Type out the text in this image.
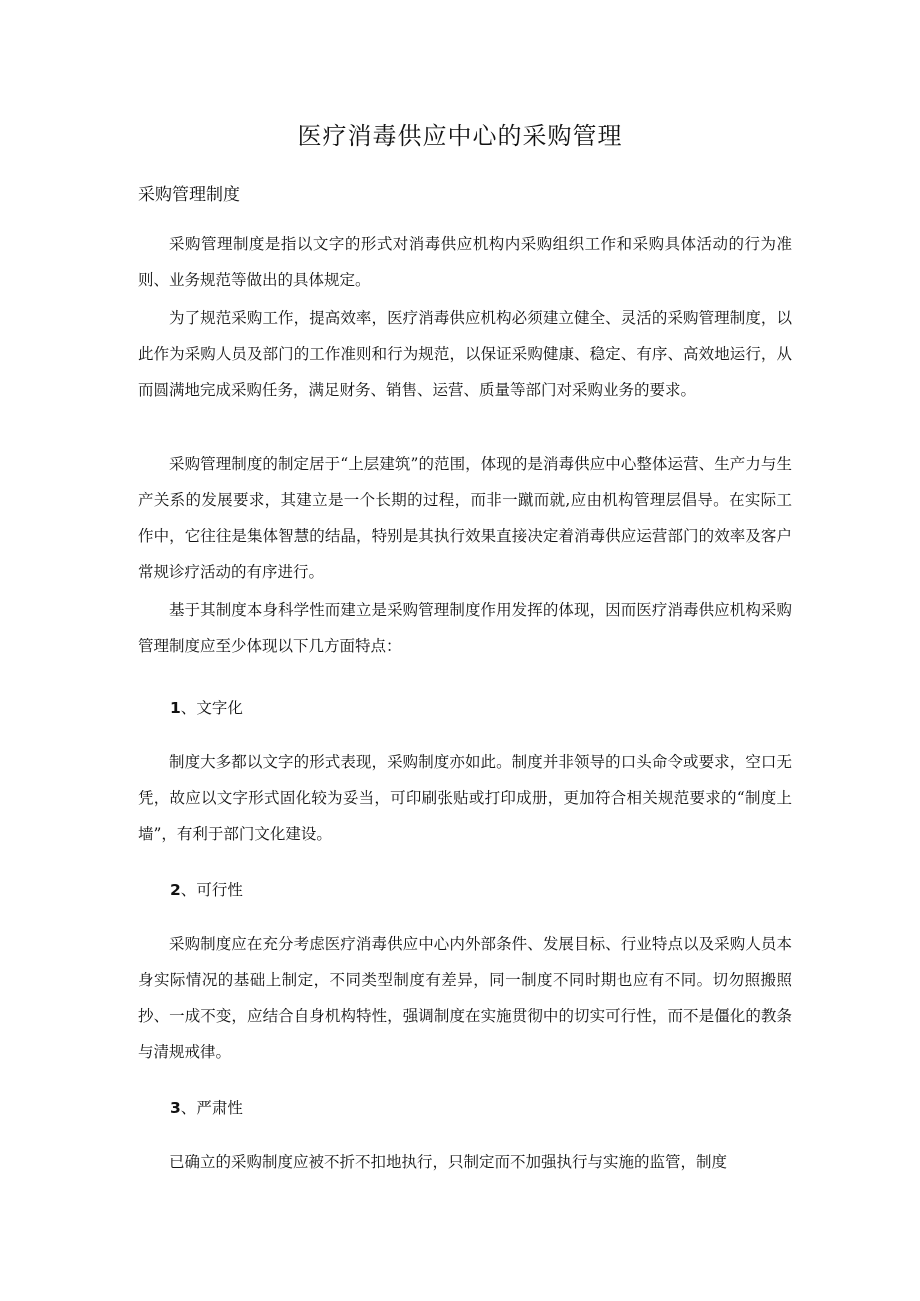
医疗消毒供应中心的采购管理
采购管理制度

采购管理制度是指以文字的形式对消毒供应机构内采购组织工作和采购具体活动的行为准则、业务规范等做出的具体规定。

为了规范采购工作，提高效率，医疗消毒供应机构必须建立健全、灵活的采购管理制度，以此作为采购人员及部门的工作准则和行为规范，以保证采购健康、稳定、有序、高效地运行，从而圆满地完成采购任务，满足财务、销售、运营、质量等部门对采购业务的要求。

采购管理制度的制定居于“上层建筑”的范围，体现的是消毒供应中心整体运营、生产力与生产关系的发展要求，其建立是一个长期的过程，而非一蹴而就,应由机构管理层倡导。在实际工作中，它往往是集体智慧的结晶，特别是其执行效果直接决定着消毒供应运营部门的效率及客户常规诊疗活动的有序进行。

基于其制度本身科学性而建立是采购管理制度作用发挥的体现，因而医疗消毒供应机构采购管理制度应至少体现以下几方面特点：

1、文字化

制度大多都以文字的形式表现，采购制度亦如此。制度并非领导的口头命令或要求，空口无凭，故应以文字形式固化较为妥当，可印刷张贴或打印成册，更加符合相关规范要求的“制度上墙”，有利于部门文化建设。

2、可行性

采购制度应在充分考虑医疗消毒供应中心内外部条件、发展目标、行业特点以及采购人员本身实际情况的基础上制定，不同类型制度有差异，同一制度不同时期也应有不同。切勿照搬照抄、一成不变，应结合自身机构特性，强调制度在实施贯彻中的切实可行性，而不是僵化的教条与清规戒律。

3、严肃性

已确立的采购制度应被不折不扣地执行，只制定而不加强执行与实施的监管，制度
